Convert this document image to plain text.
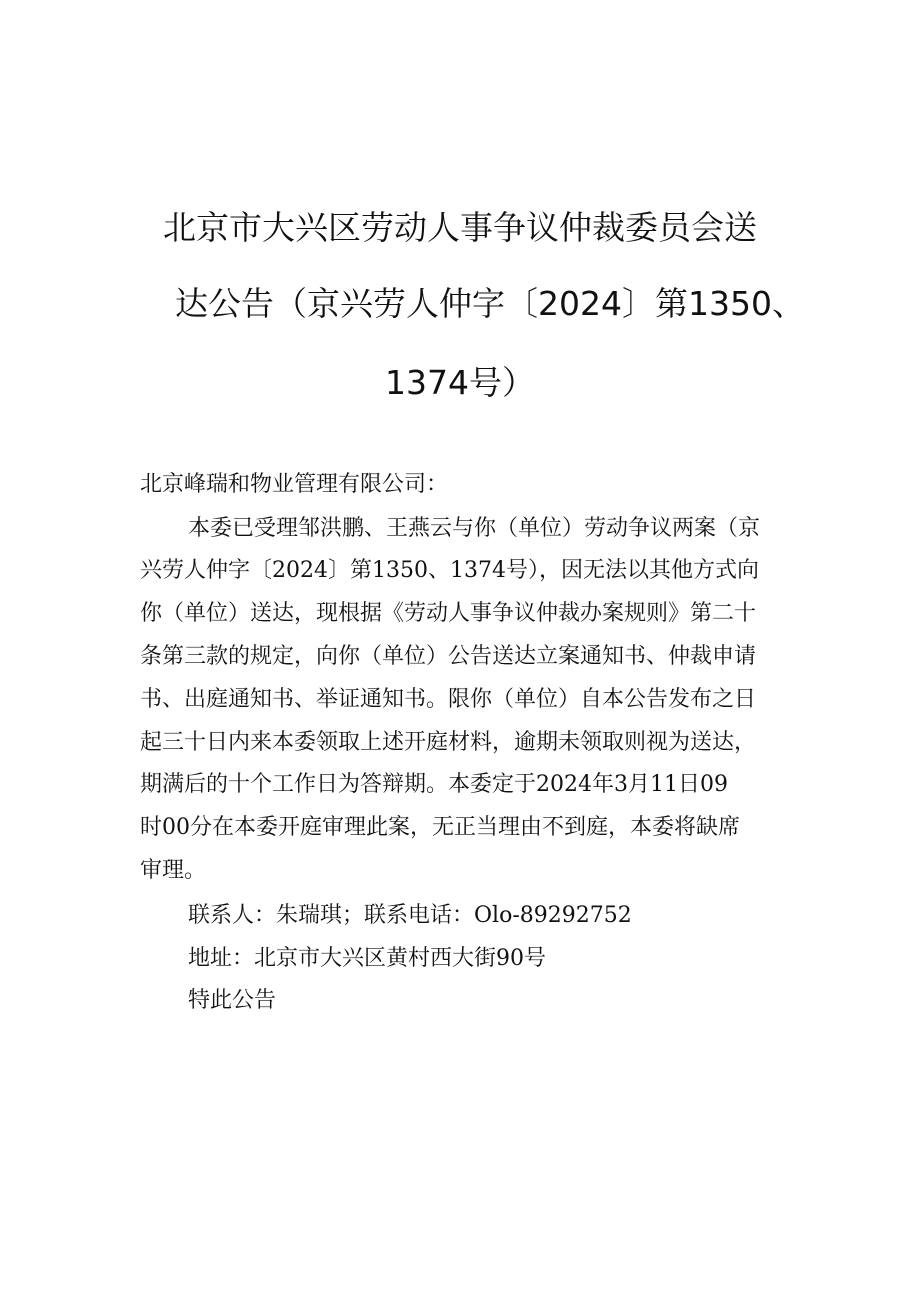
北京市大兴区劳动人事争议仲裁委员会送
达公告（京兴劳人仲字〔2024〕第1350、
1374号）
北京峰瑞和物业管理有限公司：
本委已受理邹洪鹏、王燕云与你（单位）劳动争议两案（京
兴劳人仲字〔2024〕第1350、1374号），因无法以其他方式向
你（单位）送达，现根据《劳动人事争议仲裁办案规则》第二十
条第三款的规定，向你（单位）公告送达立案通知书、仲裁申请
书、出庭通知书、举证通知书。限你（单位）自本公告发布之日
起三十日内来本委领取上述开庭材料，逾期未领取则视为送达，
期满后的十个工作日为答辩期。本委定于2024年3月11日09
时00分在本委开庭审理此案，无正当理由不到庭，本委将缺席
审理。
联系人：朱瑞琪；联系电话：Olo-89292752
地址：北京市大兴区黄村西大街90号
特此公告
